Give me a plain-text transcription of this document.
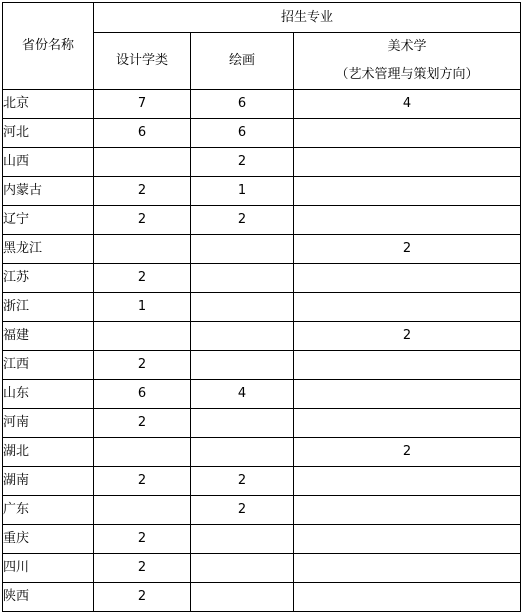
省份名称	招生专业		
	设计学类	绘画	美术学
（艺术管理与策划方向）

北京	7	6	4
河北	6	6	
山西		2	
内蒙古	2	1	
辽宁	2	2	
黑龙江			2
江苏	2		
浙江	1		
福建			2
江西	2		
山东	6	4	
河南	2		
湖北			2
湖南	2	2	
广东		2	
重庆	2		
四川	2		
陕西	2		
